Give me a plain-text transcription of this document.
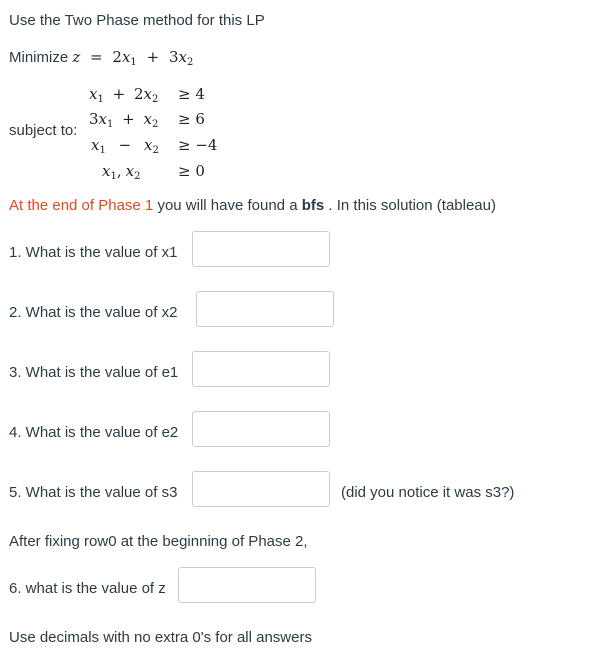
Use the Two Phase method for this LP
Minimize $z = 2x_1 + 3x_2$
subject to:
$x_1 + 2x_2 \ge 4$
$3x_1 + x_2 \ge 6$
$x_1 - x_2 \ge -4$
$x_1$, $x_2$	≥ 0
At the end of Phase 1 you will have found a bfs . In this solution (tableau)
1. What is the value of x1
2. What is the value of x2
3. What is the value of e1
4. What is the value of e2
5. What is the value of s3	(did you notice it was s3?)
After fixing row0 at the beginning of Phase 2,
6. what is the value of z
Use decimals with no extra 0's for all answers
